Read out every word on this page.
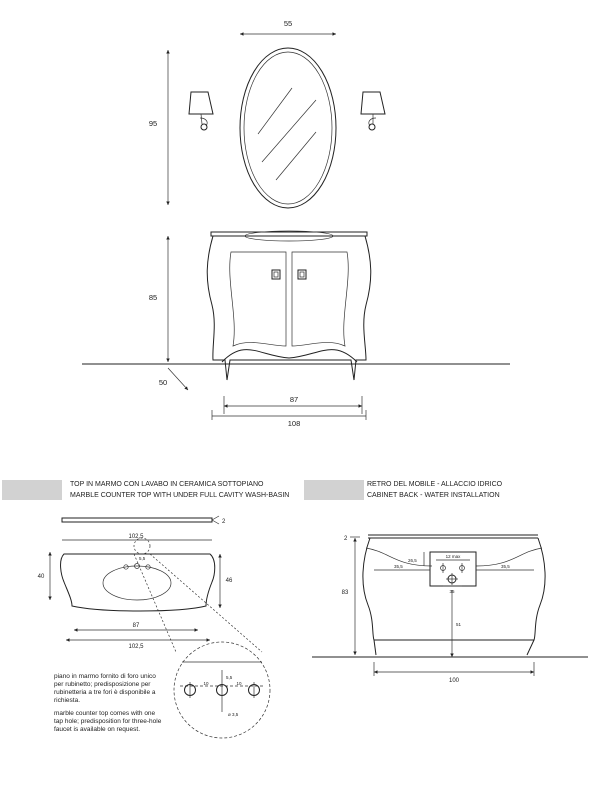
55
95
85
50
87
108
TOP IN MARMO CON LAVABO IN CERAMICA SOTTOPIANO
MARBLE COUNTER TOP WITH UNDER FULL CAVITY WASH-BASIN
RETRO DEL MOBILE - ALLACCIO IDRICO
CABINET BACK - WATER INSTALLATION
2
102,5
5,5
40
46
87
102,5
10	10
5,5
ø 3,5
piano in marmo fornito di foro unico
per rubinetto; predisposizione per
rubinetteria a tre fori è disponibile a
richiesta.
marble counter top comes with one
tap hole; predisposition for three-hole
faucet is available on request.
12 max
2
83
26,5
35,5	35,5
35
51
100
